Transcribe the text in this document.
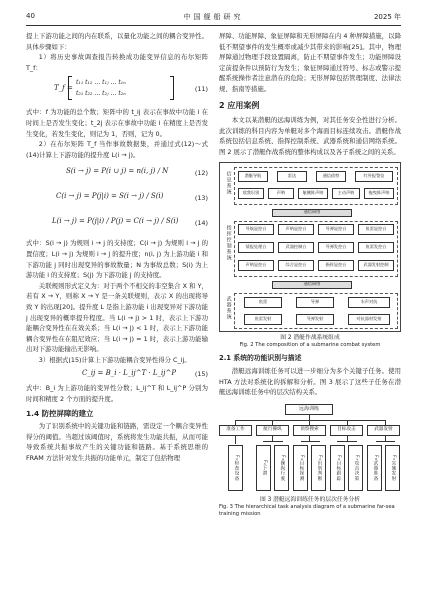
40	中国舰船研究	2025 年

提上下游功能之间的内在联系，以量化功能之间的耦合变异性。具体步骤如下：

1）将历史事故调查报告转换成功能变异信息的布尔矩阵 T_f：

T_f =
t₁₁ t₁₂ … t₁ⱼ … t₁ₙ
t₂₁ t₂₂ … t₂ⱼ … t₂ₙ
(11)

式中：f 为功能的总个数；矩阵中的 t_ij 表示在事故中功能 i 在时间上是否发生变化；t_2j 表示在事故中功能 i 在精度上是否发生变化，若发生变化，则记为 1，否则，记为 0。

2）在布尔矩阵 T_f 当作事故数据集，并通过式(12)～式(14)计算上下游功能的提升度 L(i → j)。

S(i → j) = P(i ∪ j) = n(i, j) / N	(12)
C(i → j) = P(j|i) = S(i → j) / S(i)	(13)
L(i → j) = P(j|i) / P(j) = C(i → j) / S(i)	(14)

式中：S(i → j) 为规则 i → j 的支持度；C(i → j) 为规则 i → j 的置信度；L(i → j) 为规则 i → j 的提升度；n(i, j) 为上游功能 i 和下游功能 j 同时出现变异的事故数量；N 为事故总数；S(i) 为上游功能 i 的支持度；S(j) 为下游功能 j 的支持度。

关联规则形式定义为：对于两个不相交的非空集合 X 和 Y，若有 X → Y，则称 X → Y 是一条关联规则，表示 X 的出现将导致 Y 的出现[20]。提升度 L 是指上游功能 i 出现变异对下游功能 j 出现变异的概率提升程度。当 L(i → j) > 1 时，表示上下游功能耦合变异性在在效关系；当 L(i → j) < 1 时，表示上下游功能耦合变异性在在阻尼效应；当 L(i → j) = 1 时，表示上游功能输出对下游功能输出无影响。

3）根据式(15)计算上下游功能耦合变异性得分 C_ij。

C_ij = B_i · L_ij^T · L_ij^P	(15)

式中：B_i 为上游功能的变异性分数；L_ij^T 和 L_ij^P 分别为时间和精度 2 个方面的提升度。

1.4 防控屏障的建立

为了识别系统中的关键功能和链路，需设定一个耦合变异性得分的阈值。当超过该阈值时，系统将发生功能共振，从而可能导致系统共振事故产生的关键功能和链路。基于系统思维的 FRAM 方法针对发生共振的功能单元，制定了包括物理

屏障、功能屏障、象征屏障和无形屏障在内 4 种屏障措施，以降低不期望事件的发生概率或减少其带来的影响[25]。其中，物理屏障通过物理手段设置隔离，防止不期望事件发生；功能屏障设定前提条件以预防行为发生；象征屏障通过符号、标志或警示提醒系统操作者注意潜在的危险；无形屏障包括管理制度、法律法规、指南等措施。

2 应用案例

本文以某潜艇的远海训练为例，对其任务安全性进行分析。此次训练的科目内容为单艇对多个海面目标连续攻击。潜艇作战系统包括信息系统、指挥控制系统、武器系统和通信网络系统。图 2 展示了潜艇作战系统的整体构成以及各子系统之间的关系。

信息系统	潜艇导航	雷达	通信侦察	红外报警仪
敌我识别	声呐	舷侧阵声呐	主动声呐	拖曳阵声呐
通信网络
指挥控制系统	导航显控台	声呐显控台	导弹显控台	鱼雷显控台
情报处理台	武器控制台	导弹发控台	鱼雷发控台
声呐显控台	综合显控台	指挥显控台	武器发射控制
通信网络
武器系统	鱼雷	导弹	水声对抗
鱼雷发射	导弹发射	对抗器材发射
图 2 潜艇作战系统组成
Fig. 2 The composition of a submarine combat system
2.1 系统的功能识别与描述

潜艇远海训练任务可以进一步细分为多个关键子任务。使用 HTA 方法对系统化的拆解和分析。图 3 展示了这些子任务在潜艇远海训练任务中的层次结构关系。

远海训练
准备工作	航行操纵	侦察搜索	目标攻击	武器发射
F₁检查设备	F₂下潜	F₃操纵行驶	F₄目标探测	F₅识别判断	F₆目标跟踪	F₇攻击决策	F₈武器准备	F₉实施发射
图 3 潜艇远海训练任务的层次任务分析
Fig. 3 The hierarchical task analysis diagram of a submarine far-sea training mission
